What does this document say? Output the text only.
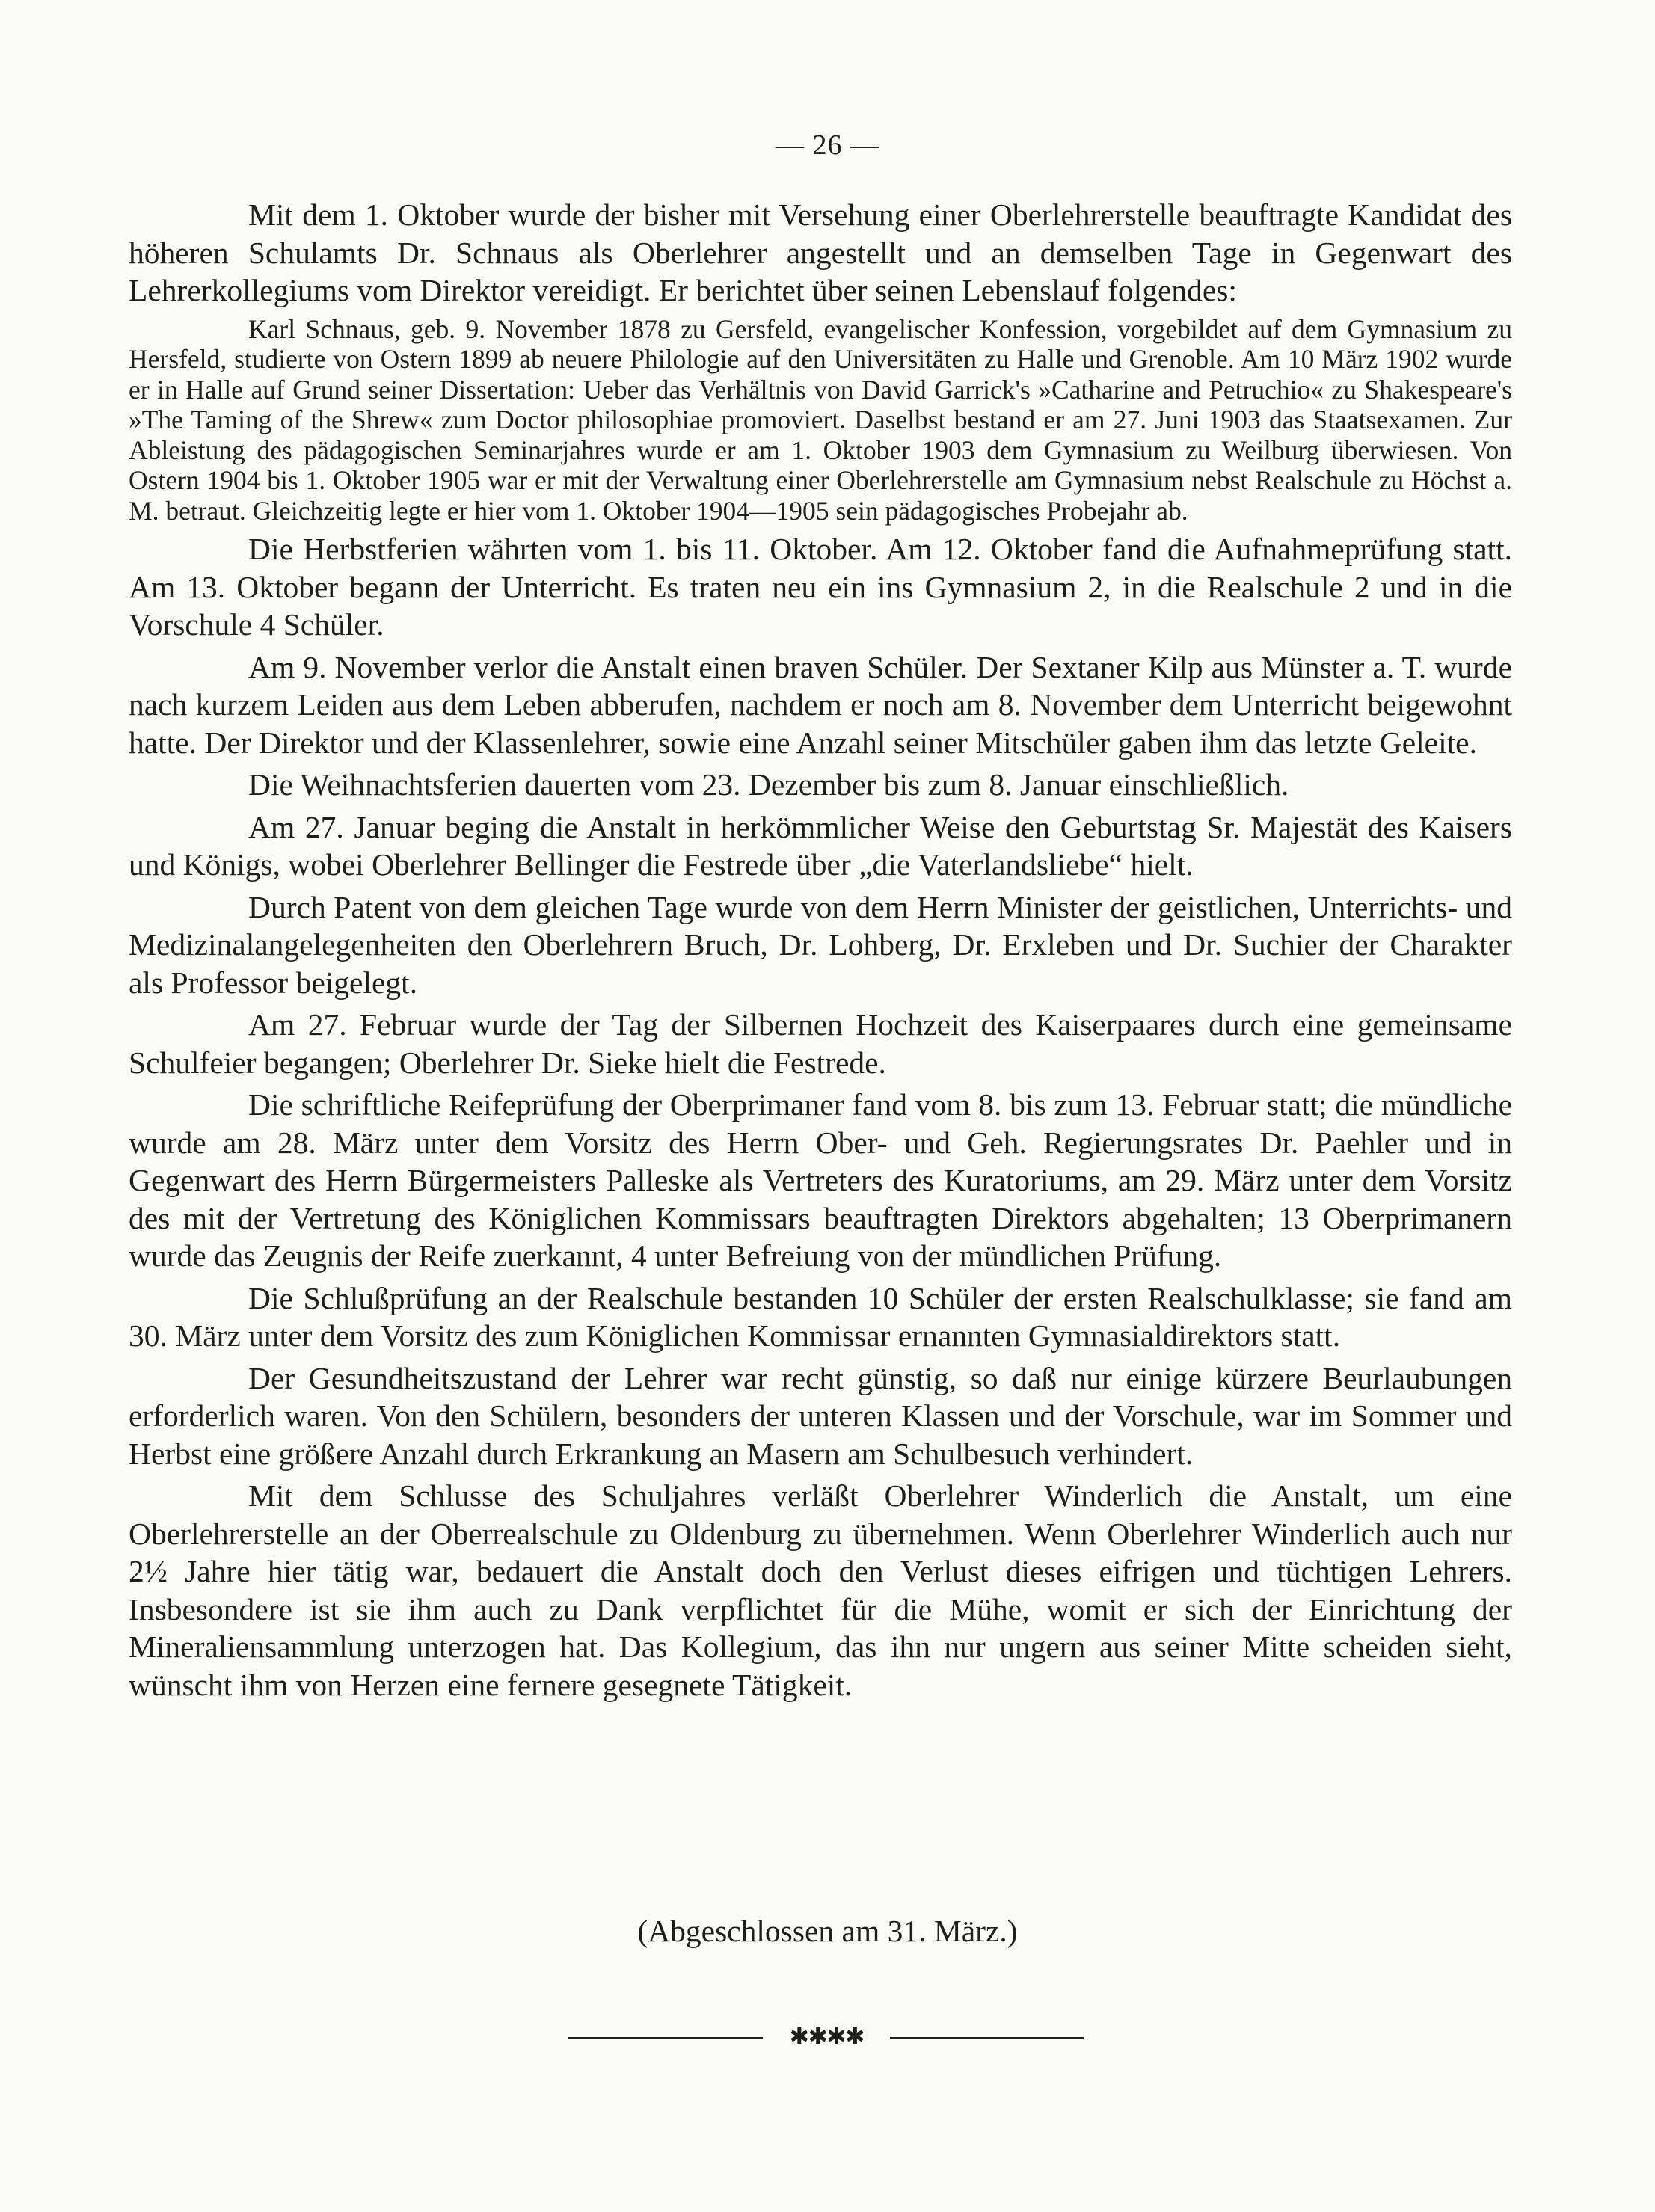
— 26 —

Mit dem 1. Oktober wurde der bisher mit Versehung einer Oberlehrerstelle beauftragte Kandidat des höheren Schulamts Dr. Schnaus als Oberlehrer angestellt und an demselben Tage in Gegenwart des Lehrerkollegiums vom Direktor vereidigt. Er berichtet über seinen Lebenslauf folgendes:

Karl Schnaus, geb. 9. November 1878 zu Gersfeld, evangelischer Konfession, vorgebildet auf dem Gymnasium zu Hersfeld, studierte von Ostern 1899 ab neuere Philologie auf den Universitäten zu Halle und Grenoble. Am 10 März 1902 wurde er in Halle auf Grund seiner Dissertation: Ueber das Verhältnis von David Garrick's »Catharine and Petruchio« zu Shakespeare's »The Taming of the Shrew« zum Doctor philosophiae promoviert. Daselbst bestand er am 27. Juni 1903 das Staatsexamen. Zur Ableistung des pädagogischen Seminarjahres wurde er am 1. Oktober 1903 dem Gymnasium zu Weilburg überwiesen. Von Ostern 1904 bis 1. Oktober 1905 war er mit der Verwaltung einer Oberlehrerstelle am Gymnasium nebst Realschule zu Höchst a. M. betraut. Gleichzeitig legte er hier vom 1. Oktober 1904—1905 sein pädagogisches Probejahr ab.

Die Herbstferien währten vom 1. bis 11. Oktober. Am 12. Oktober fand die Aufnahmeprüfung statt. Am 13. Oktober begann der Unterricht. Es traten neu ein ins Gymnasium 2, in die Realschule 2 und in die Vorschule 4 Schüler.

Am 9. November verlor die Anstalt einen braven Schüler. Der Sextaner Kilp aus Münster a. T. wurde nach kurzem Leiden aus dem Leben abberufen, nachdem er noch am 8. November dem Unterricht beigewohnt hatte. Der Direktor und der Klassenlehrer, sowie eine Anzahl seiner Mitschüler gaben ihm das letzte Geleite.

Die Weihnachtsferien dauerten vom 23. Dezember bis zum 8. Januar einschließlich.

Am 27. Januar beging die Anstalt in herkömmlicher Weise den Geburtstag Sr. Majestät des Kaisers und Königs, wobei Oberlehrer Bellinger die Festrede über „die Vaterlandsliebe“ hielt.

Durch Patent von dem gleichen Tage wurde von dem Herrn Minister der geistlichen, Unterrichts- und Medizinalangelegenheiten den Oberlehrern Bruch, Dr. Lohberg, Dr. Erxleben und Dr. Suchier der Charakter als Professor beigelegt.

Am 27. Februar wurde der Tag der Silbernen Hochzeit des Kaiserpaares durch eine gemeinsame Schulfeier begangen; Oberlehrer Dr. Sieke hielt die Festrede.

Die schriftliche Reifeprüfung der Oberprimaner fand vom 8. bis zum 13. Februar statt; die mündliche wurde am 28. März unter dem Vorsitz des Herrn Ober- und Geh. Regierungsrates Dr. Paehler und in Gegenwart des Herrn Bürgermeisters Palleske als Vertreters des Kuratoriums, am 29. März unter dem Vorsitz des mit der Vertretung des Königlichen Kommissars beauftragten Direktors abgehalten; 13 Oberprimanern wurde das Zeugnis der Reife zuerkannt, 4 unter Befreiung von der mündlichen Prüfung.

Die Schlußprüfung an der Realschule bestanden 10 Schüler der ersten Realschulklasse; sie fand am 30. März unter dem Vorsitz des zum Königlichen Kommissar ernannten Gymnasialdirektors statt.

Der Gesundheitszustand der Lehrer war recht günstig, so daß nur einige kürzere Beurlaubungen erforderlich waren. Von den Schülern, besonders der unteren Klassen und der Vorschule, war im Sommer und Herbst eine größere Anzahl durch Erkrankung an Masern am Schulbesuch verhindert.

Mit dem Schlusse des Schuljahres verläßt Oberlehrer Winderlich die Anstalt, um eine Oberlehrerstelle an der Oberrealschule zu Oldenburg zu übernehmen. Wenn Oberlehrer Winderlich auch nur 2½ Jahre hier tätig war, bedauert die Anstalt doch den Verlust dieses eifrigen und tüchtigen Lehrers. Insbesondere ist sie ihm auch zu Dank verpflichtet für die Mühe, womit er sich der Einrichtung der Mineraliensammlung unterzogen hat. Das Kollegium, das ihn nur ungern aus seiner Mitte scheiden sieht, wünscht ihm von Herzen eine fernere gesegnete Tätigkeit.

(Abgeschlossen am 31. März.)
✱✱✱✱
